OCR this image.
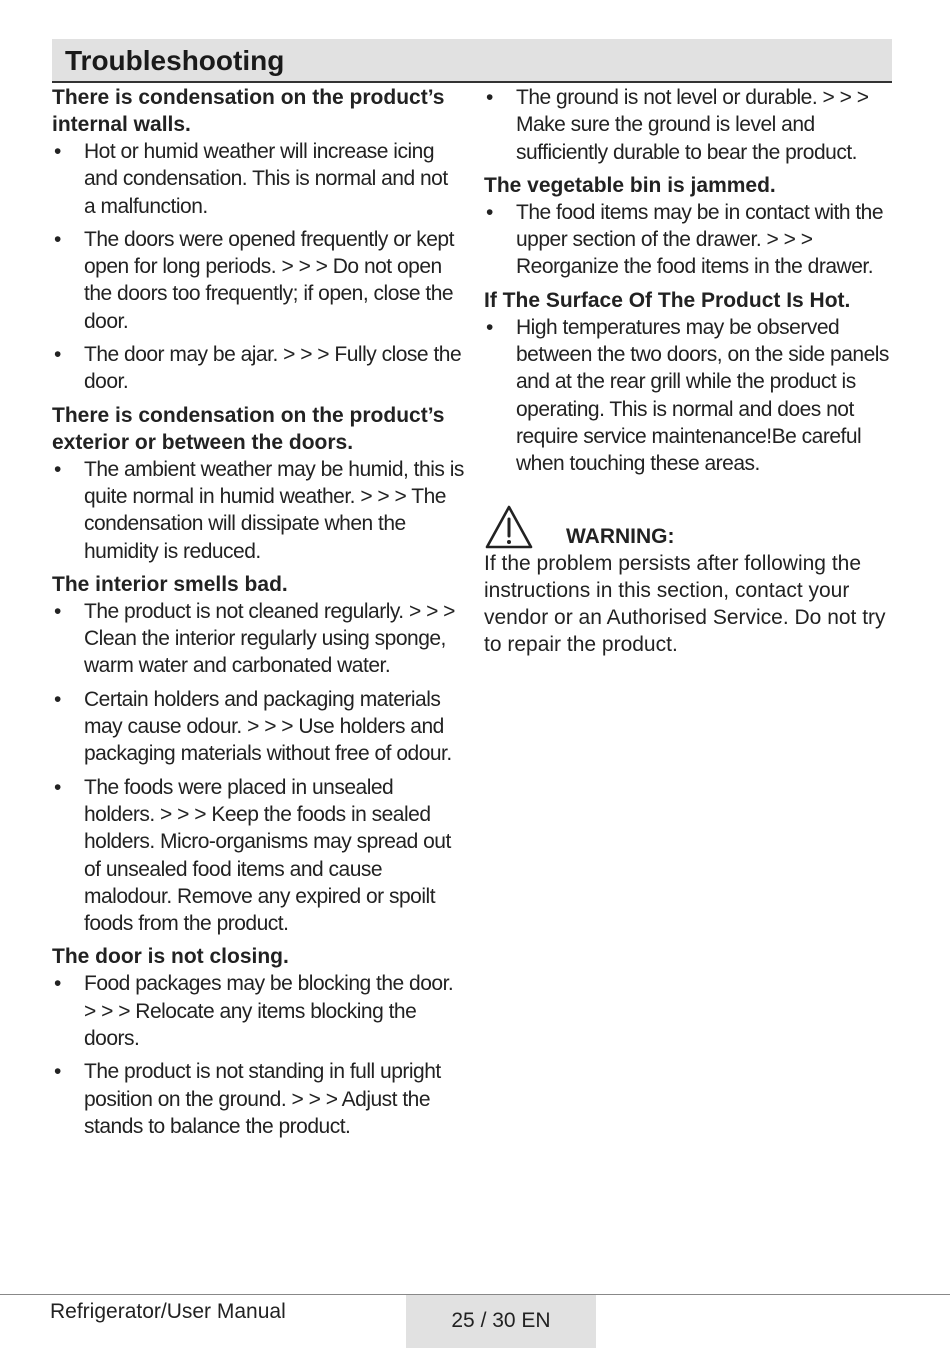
Troubleshooting

There is condensation on the product’s internal walls.

• Hot or humid weather will increase icing and condensation. This is normal and not a malfunction.
• The doors were opened frequently or kept open for long periods. > > > Do not open the doors too frequently; if open, close the door.
• The door may be ajar. > > > Fully close the door.

There is condensation on the product’s exterior or between the doors.

• The ambient weather may be humid, this is quite normal in humid weather. > > > The condensation will dissipate when the humidity is reduced.

The interior smells bad.

• The product is not cleaned regularly. > > > Clean the interior regularly using sponge, warm water and carbonated water.
• Certain holders and packaging materials may cause odour. > > > Use holders and packaging materials without free of odour.
• The foods were placed in unsealed holders. > > > Keep the foods in sealed holders. Micro-organisms may spread out of unsealed food items and cause malodour. Remove any expired or spoilt foods from the product.

The door is not closing.

• Food packages may be blocking the door. > > > Relocate any items blocking the doors.
• The product is not standing in full upright position on the ground. > > > Adjust the stands to balance the product.
• The ground is not level or durable. > > > Make sure the ground is level and sufficiently durable to bear the product.

The vegetable bin is jammed.

• The food items may be in contact with the upper section of the drawer. > > > Reorganize the food items in the drawer.

If The Surface Of The Product Is Hot.

• High temperatures may be observed between the two doors, on the side panels and at the rear grill while the product is operating. This is normal and does not require service maintenance!Be careful when touching these areas.
WARNING:

If the problem persists after following the instructions in this section, contact your vendor or an Authorised Service. Do not try to repair the product.

Refrigerator/User Manual	25 / 30 EN
